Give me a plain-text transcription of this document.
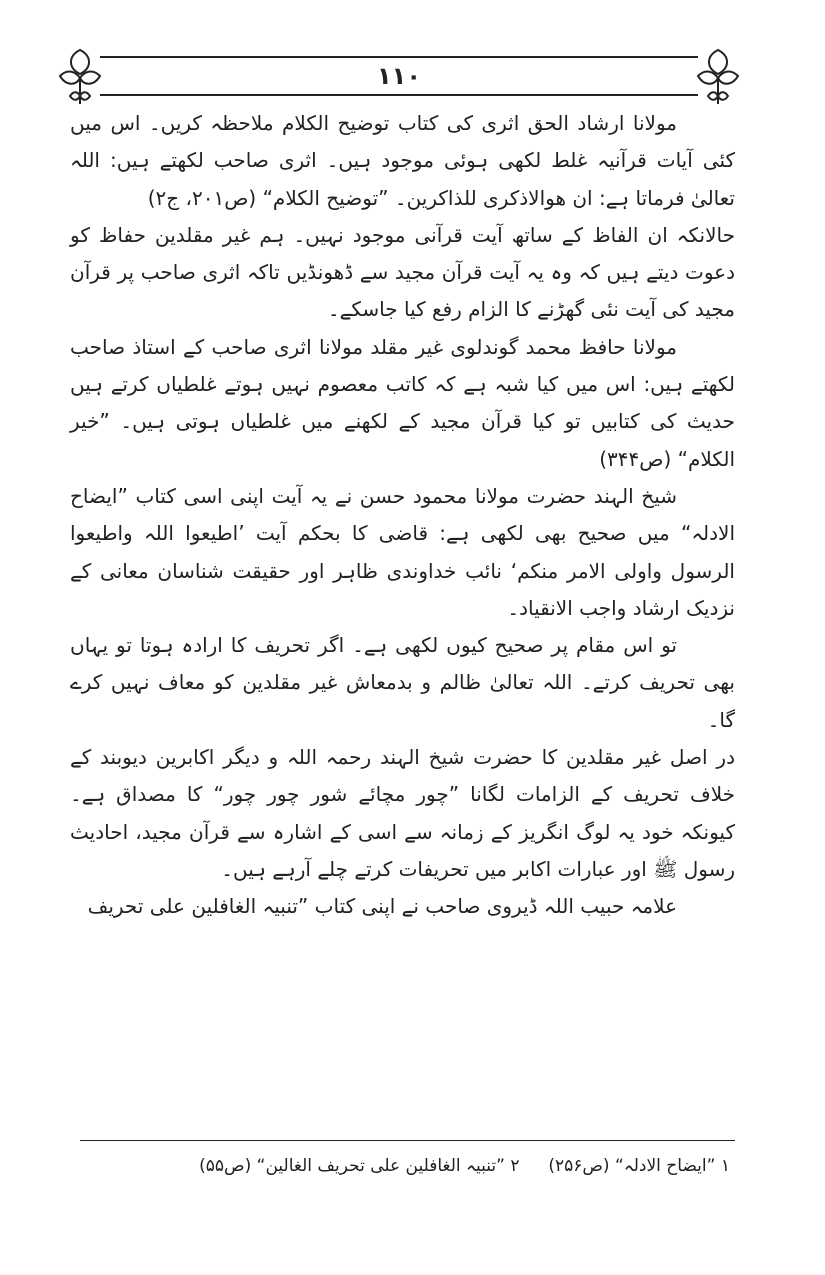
١١٠

مولانا ارشاد الحق اثری کی کتاب توضیح الکلام ملاحظہ کریں۔ اس میں کئی آیات قرآنیہ غلط لکھی ہوئی موجود ہیں۔ اثری صاحب لکھتے ہیں: اللہ تعالیٰ فرماتا ہے: ان ھوالاذکری للذاکرین۔ ”توضیح الکلام“ (ص۲۰۱، ج۲)

حالانکہ ان الفاظ کے ساتھ آیت قرآنی موجود نہیں۔ ہم غیر مقلدین حفاظ کو دعوت دیتے ہیں کہ وہ یہ آیت قرآن مجید سے ڈھونڈیں تاکہ اثری صاحب پر قرآن مجید کی آیت نئی گھڑنے کا الزام رفع کیا جاسکے۔

مولانا حافظ محمد گوندلوی غیر مقلد مولانا اثری صاحب کے استاذ صاحب لکھتے ہیں: اس میں کیا شبہ ہے کہ کاتب معصوم نہیں ہوتے غلطیاں کرتے ہیں حدیث کی کتابیں تو کیا قرآن مجید کے لکھنے میں غلطیاں ہوتی ہیں۔ ”خیر الکلام“ (ص۳۴۴)

شیخ الہند حضرت مولانا محمود حسن نے یہ آیت اپنی اسی کتاب ”ایضاح الادلہ“ میں صحیح بھی لکھی ہے: قاضی کا بحکم آیت ’اطیعوا اللہ واطیعوا الرسول واولی الامر منکم‘ نائب خداوندی ظاہر اور حقیقت شناسان معانی کے نزدیک ارشاد واجب الانقیاد۔

تو اس مقام پر صحیح کیوں لکھی ہے۔ اگر تحریف کا ارادہ ہوتا تو یہاں بھی تحریف کرتے۔ اللہ تعالیٰ ظالم و بدمعاش غیر مقلدین کو معاف نہیں کرے گا۔

در اصل غیر مقلدین کا حضرت شیخ الہند رحمہ اللہ و دیگر اکابرین دیوبند کے خلاف تحریف کے الزامات لگانا ”چور مچائے شور چور چور“ کا مصداق ہے۔ کیونکہ خود یہ لوگ انگریز کے زمانہ سے اسی کے اشارہ سے قرآن مجید، احادیث رسول ﷺ اور عبارات اکابر میں تحریفات کرتے چلے آرہے ہیں۔

علامہ حبیب اللہ ڈیروی صاحب نے اپنی کتاب ”تنبیہ الغافلین علی تحریف

۱ ”ایضاح الادلہ“ (ص۲۵۶)  ۲ ”تنبیہ الغافلین علی تحریف الغالین“ (ص۵۵)
